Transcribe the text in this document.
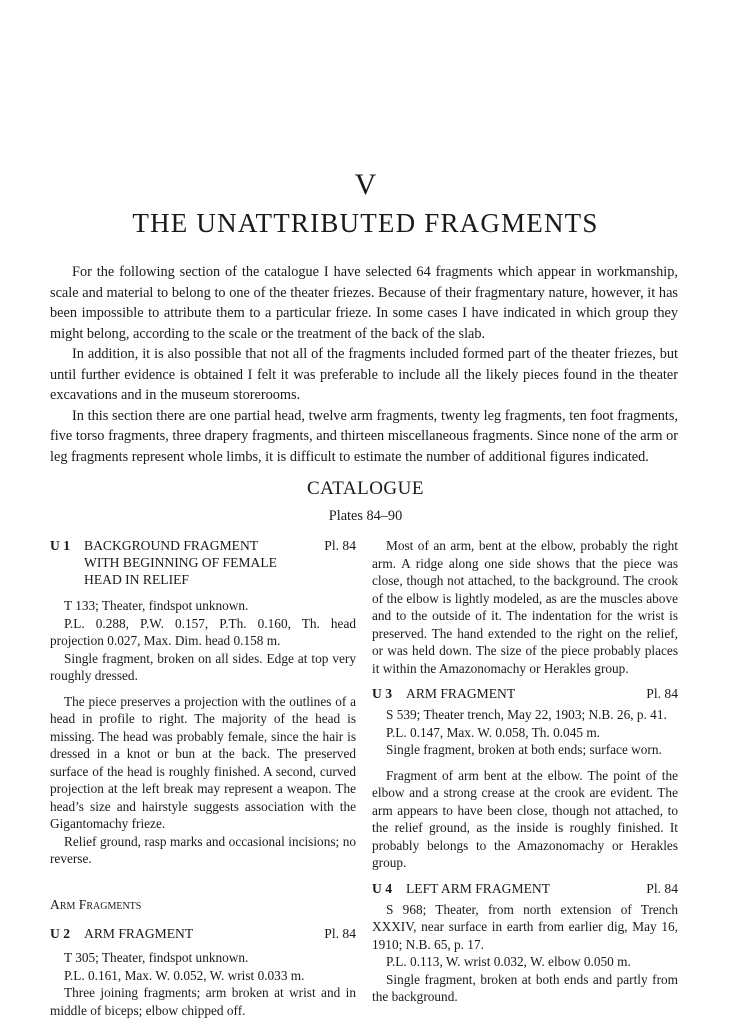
V
THE UNATTRIBUTED FRAGMENTS

For the following section of the catalogue I have selected 64 fragments which appear in workmanship, scale and material to belong to one of the theater friezes. Because of their fragmentary nature, however, it has been impossible to attribute them to a particular frieze. In some cases I have indicated in which group they might belong, according to the scale or the treatment of the back of the slab.

In addition, it is also possible that not all of the fragments included formed part of the theater friezes, but until further evidence is obtained I felt it was preferable to include all the likely pieces found in the theater excavations and in the museum storerooms.

In this section there are one partial head, twelve arm fragments, twenty leg fragments, ten foot fragments, five torso fragments, three drapery fragments, and thirteen miscellaneous fragments. Since none of the arm or leg fragments represent whole limbs, it is difficult to estimate the number of additional figures indicated.

CATALOGUE
Plates 84–90
U 1	BACKGROUND FRAGMENT WITH BEGINNING OF FEMALE HEAD IN RELIEF
Pl. 84

T 133; Theater, findspot unknown.

P.L. 0.288, P.W. 0.157, P.Th. 0.160, Th. head projection 0.027, Max. Dim. head 0.158 m.

Single fragment, broken on all sides. Edge at top very roughly dressed.

The piece preserves a projection with the outlines of a head in profile to right. The majority of the head is missing. The head was probably female, since the hair is dressed in a knot or bun at the back. The preserved surface of the head is roughly finished. A second, curved projection at the left break may represent a weapon. The head’s size and hairstyle suggests association with the Gigantomachy frieze.

Relief ground, rasp marks and occasional incisions; no reverse.

Arm Fragments

U 2	ARM FRAGMENT	Pl. 84

T 305; Theater, findspot unknown.

P.L. 0.161, Max. W. 0.052, W. wrist 0.033 m.

Three joining fragments; arm broken at wrist and in middle of biceps; elbow chipped off.

Most of an arm, bent at the elbow, probably the right arm. A ridge along one side shows that the piece was close, though not attached, to the background. The crook of the elbow is lightly modeled, as are the muscles above and to the outside of it. The indentation for the wrist is preserved. The hand extended to the right on the relief, or was held down. The size of the piece probably places it within the Amazonomachy or Herakles group.

U 3	ARM FRAGMENT	Pl. 84

S 539; Theater trench, May 22, 1903; N.B. 26, p. 41.

P.L. 0.147, Max. W. 0.058, Th. 0.045 m.

Single fragment, broken at both ends; surface worn.

Fragment of arm bent at the elbow. The point of the elbow and a strong crease at the crook are evident. The arm appears to have been close, though not attached, to the relief ground, as the inside is roughly finished. It probably belongs to the Amazonomachy or Herakles group.

U 4	LEFT ARM FRAGMENT	Pl. 84

S 968; Theater, from north extension of Trench XXXIV, near surface in earth from earlier dig, May 16, 1910; N.B. 65, p. 17.

P.L. 0.113, W. wrist 0.032, W. elbow 0.050 m.

Single fragment, broken at both ends and partly from the background.
